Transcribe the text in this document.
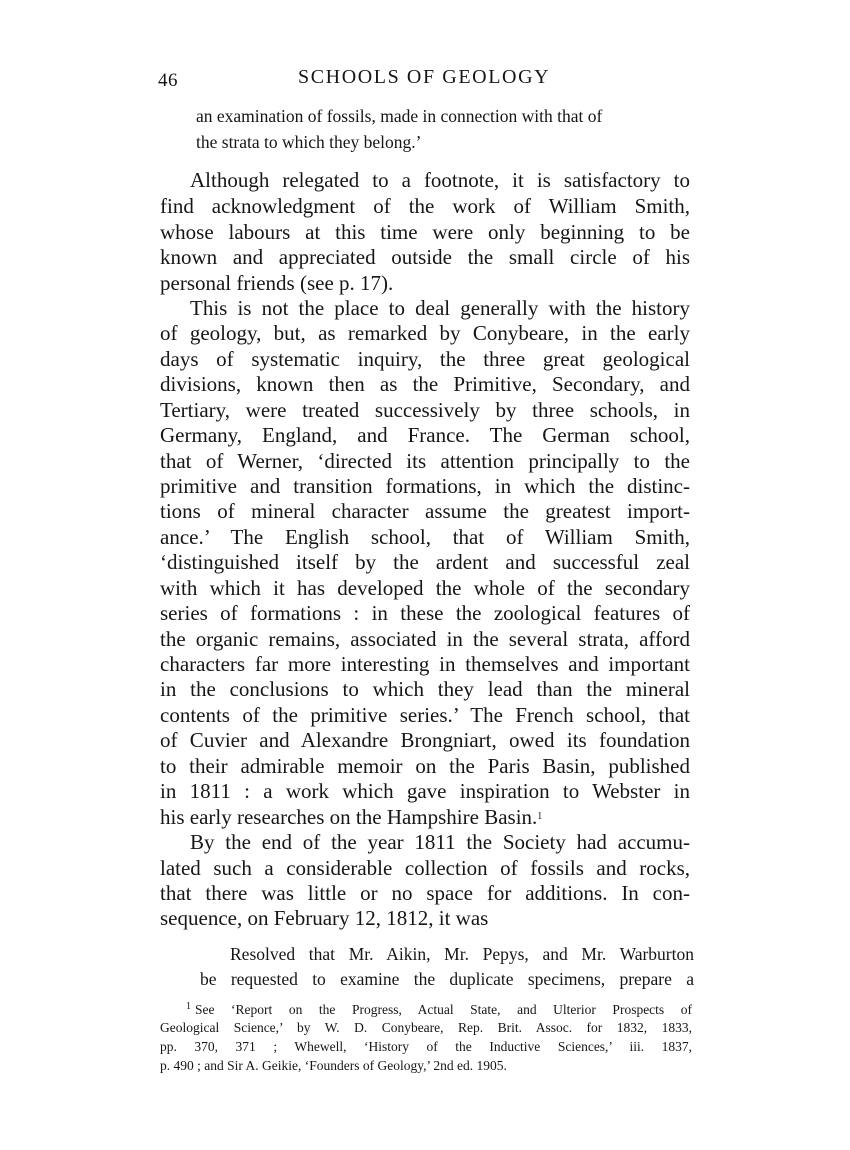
46	SCHOOLS OF GEOLOGY
an examination of fossils, made in connection with that of
the strata to which they belong.’
Although relegated to a footnote, it is satisfactory to
find acknowledgment of the work of William Smith,
whose labours at this time were only beginning to be
known and appreciated outside the small circle of his
personal friends (see p. 17).
This is not the place to deal generally with the history
of geology, but, as remarked by Conybeare, in the early
days of systematic inquiry, the three great geological
divisions, known then as the Primitive, Secondary, and
Tertiary, were treated successively by three schools, in
Germany, England, and France. The German school,
that of Werner, ‘directed its attention principally to the
primitive and transition formations, in which the distinc-
tions of mineral character assume the greatest import-
ance.’ The English school, that of William Smith,
‘distinguished itself by the ardent and successful zeal
with which it has developed the whole of the secondary
series of formations : in these the zoological features of
the organic remains, associated in the several strata, afford
characters far more interesting in themselves and important
in the conclusions to which they lead than the mineral
contents of the primitive series.’ The French school, that
of Cuvier and Alexandre Brongniart, owed its foundation
to their admirable memoir on the Paris Basin, published
in 1811 : a work which gave inspiration to Webster in
his early researches on the Hampshire Basin.$^1$
By the end of the year 1811 the Society had accumu-
lated such a considerable collection of fossils and rocks,
that there was little or no space for additions. In con-
sequence, on February 12, 1812, it was
Resolved that Mr. Aikin, Mr. Pepys, and Mr. Warburton
be requested to examine the duplicate specimens, prepare a
$^1$ See ‘Report on the Progress, Actual State, and Ulterior Prospects of
Geological Science,’ by W. D. Conybeare, Rep. Brit. Assoc. for 1832, 1833,
pp. 370, 371 ; Whewell, ‘History of the Inductive Sciences,’ iii. 1837,
p. 490 ; and Sir A. Geikie, ‘Founders of Geology,’ 2nd ed. 1905.
